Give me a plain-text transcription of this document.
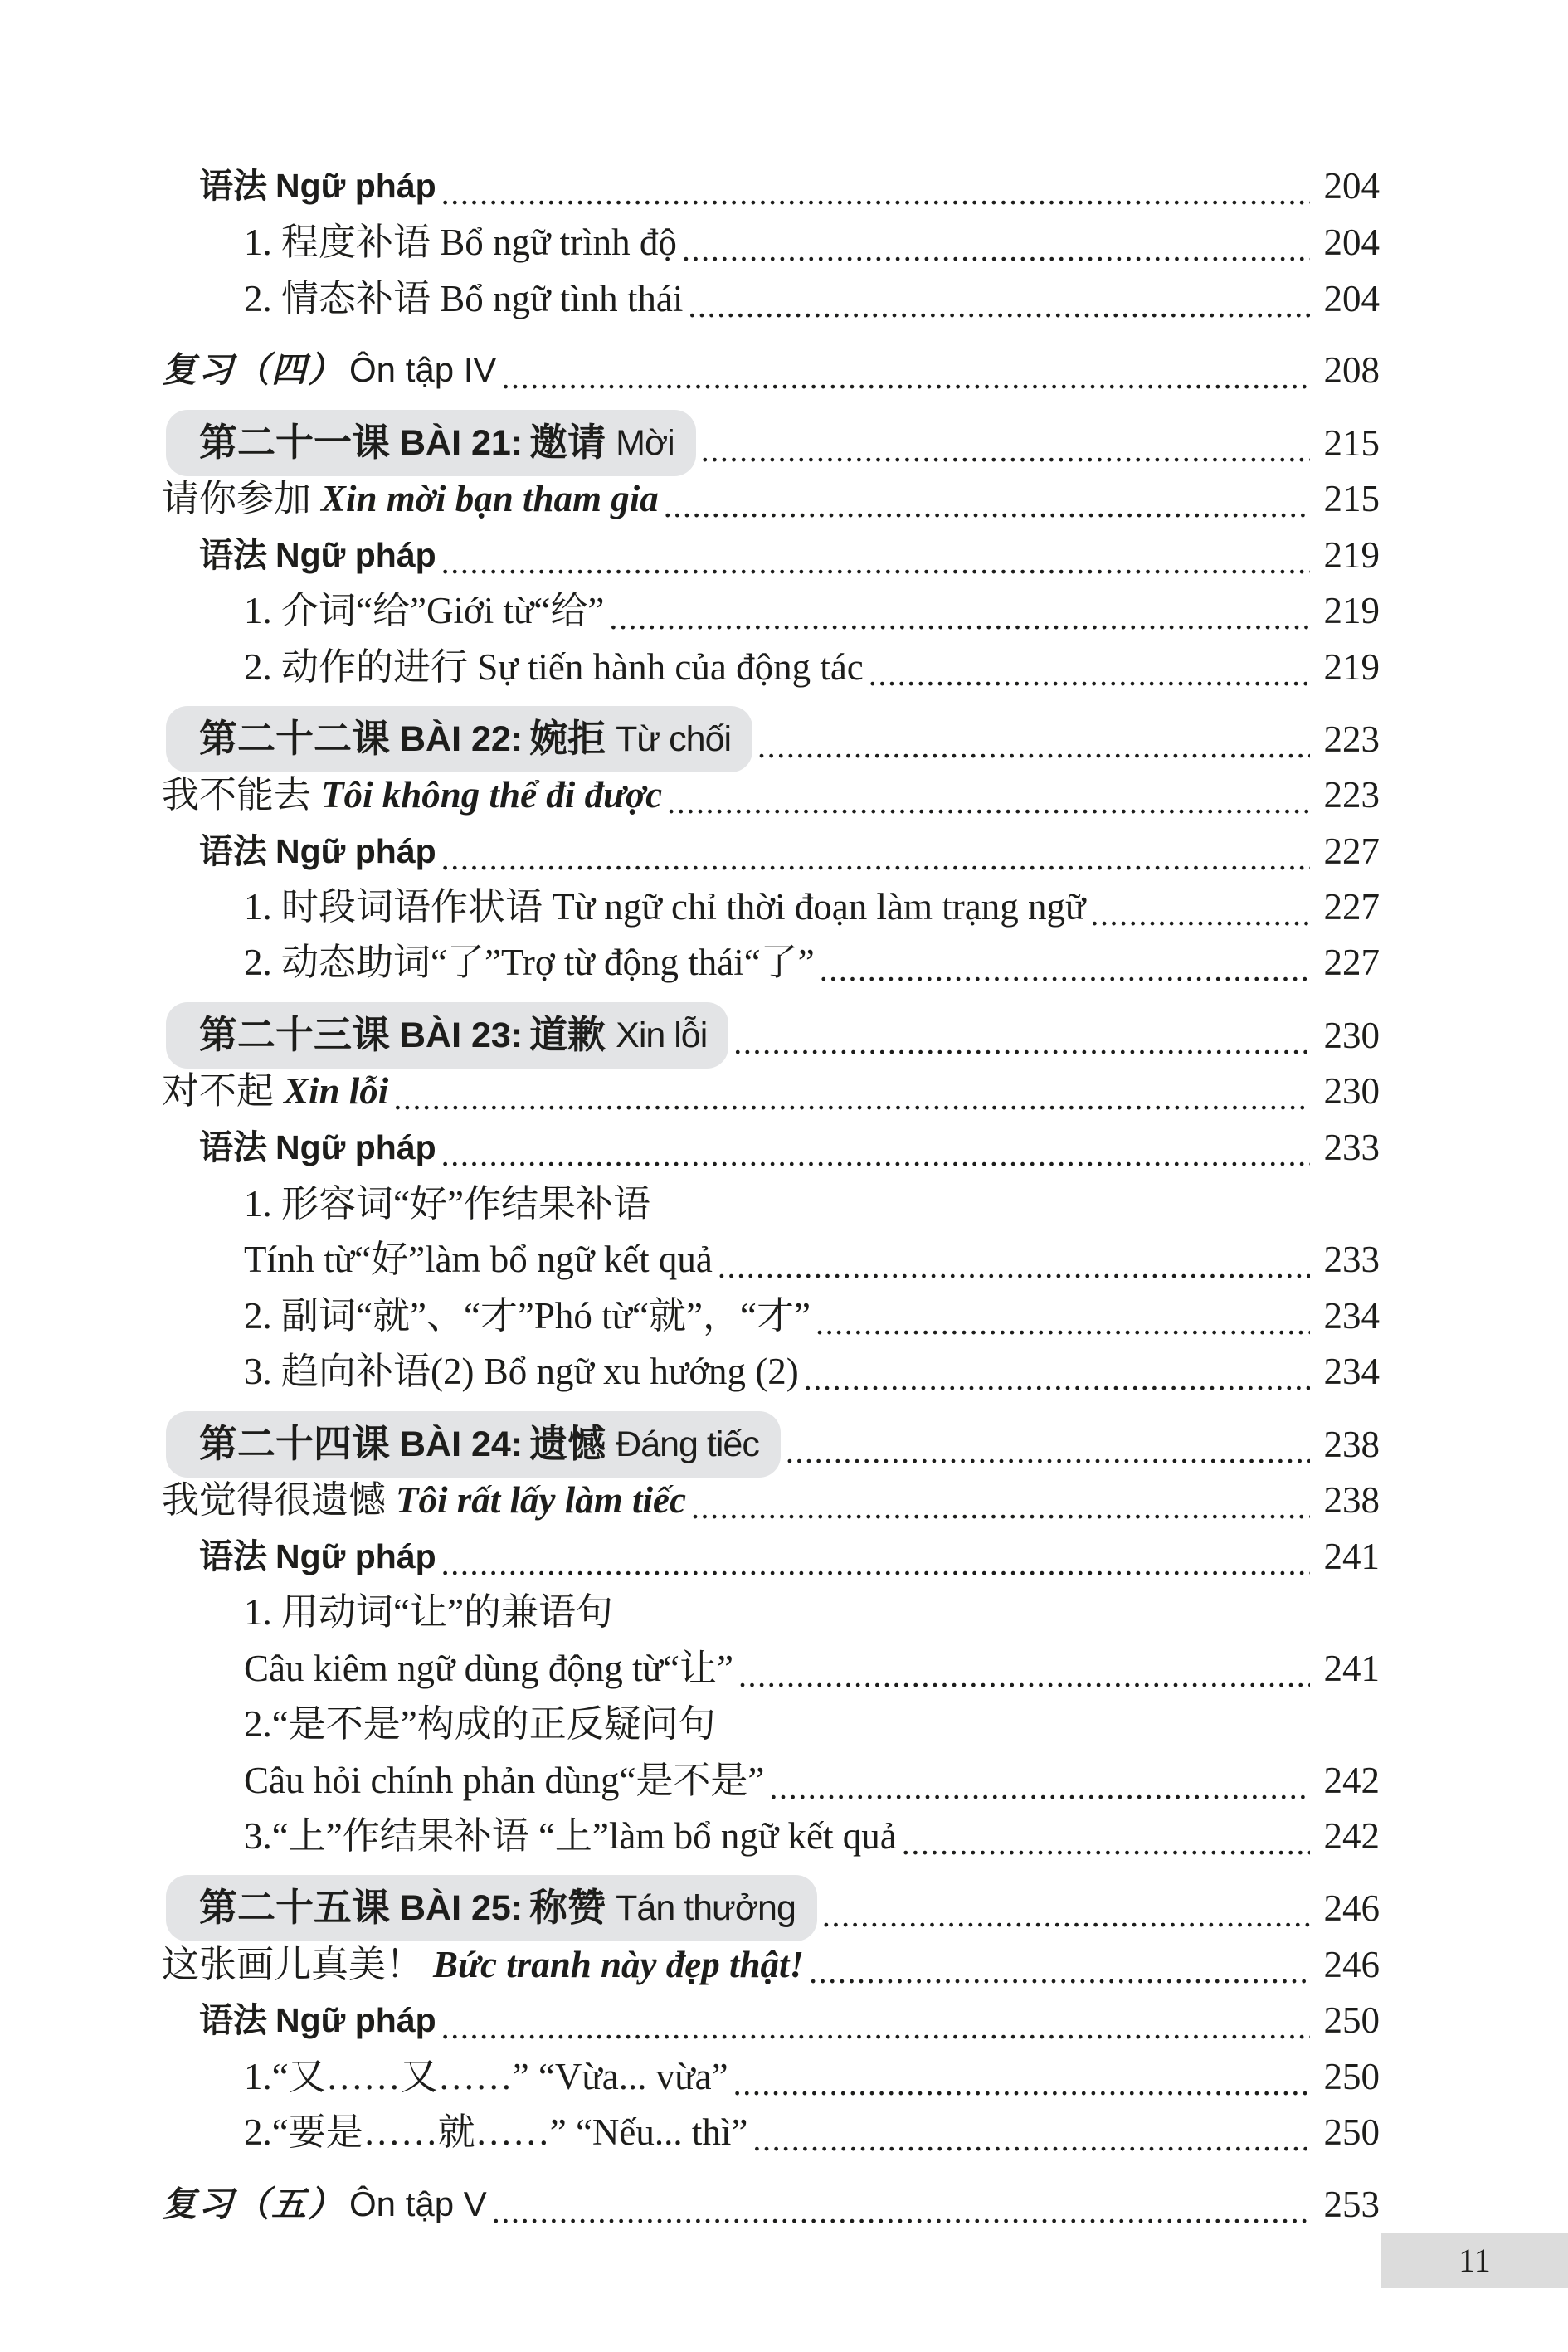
语法 Ngữ pháp .....	204
1. 程度补语 Bổ ngữ trình độ .....	204
2. 情态补语 Bổ ngữ tình thái .....	204
复习（四） Ôn tập IV .....	208
第二十一课 BÀI 21: 邀请 Mời .....	215
请你参加 Xin mời bạn tham gia .....	215
语法 Ngữ pháp .....	219
1. 介词“给”Giới từ“给” .....	219
2. 动作的进行 Sự tiến hành của động tác .....	219
第二十二课 BÀI 22: 婉拒 Từ chối .....	223
我不能去 Tôi không thể đi được .....	223
语法 Ngữ pháp .....	227
1. 时段词语作状语 Từ ngữ chỉ thời đoạn làm trạng ngữ .....	227
2. 动态助词“了”Trợ từ động thái“了” .....	227
第二十三课 BÀI 23: 道歉 Xin lỗi .....	230
对不起 Xin lỗi .....	230
语法 Ngữ pháp .....	233
1. 形容词“好”作结果补语
Tính từ“好”làm bổ ngữ kết quả .....	233
2. 副词“就”、“才”Phó từ“就”，“才” .....	234
3. 趋向补语(2) Bổ ngữ xu hướng (2) .....	234
第二十四课 BÀI 24: 遗憾 Đáng tiếc .....	238
我觉得很遗憾 Tôi rất lấy làm tiếc .....	238
语法 Ngữ pháp .....	241
1. 用动词“让”的兼语句
Câu kiêm ngữ dùng động từ“让” .....	241
2.“是不是”构成的正反疑问句
Câu hỏi chính phản dùng“是不是” .....	242
3.“上”作结果补语 “上”làm bổ ngữ kết quả .....	242
第二十五课 BÀI 25: 称赞 Tán thưởng .....	246
这张画儿真美！ Bức tranh này đẹp thật! .....	246
语法 Ngữ pháp .....	250
1.“又……又……” “Vừa... vừa” .....	250
2.“要是……就……” “Nếu... thì” .....	250
复习（五） Ôn tập V .....	253
11
